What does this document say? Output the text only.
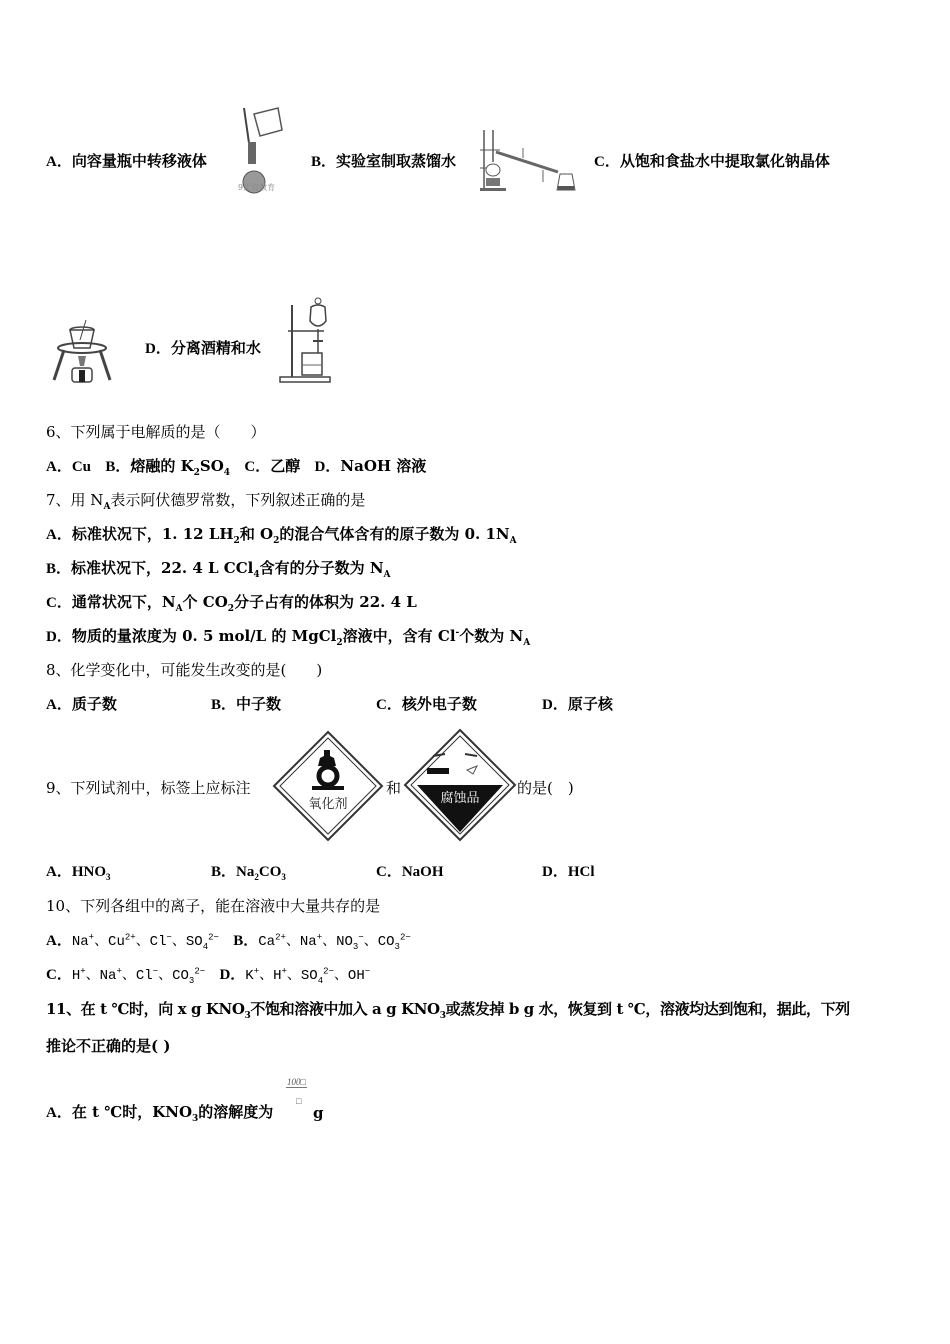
A．向容量瓶中转移液体
9化资教育
B．实验室制取蒸馏水	C．从饱和食盐水中提取氯化钠晶体
D．分离酒精和水
6、下列属于电解质的是（　　）
A．Cu B．熔融的 $K_2SO_4$ C．乙醇 D．NaOH 溶液
7、用 $N_A$表示阿伏德罗常数，下列叙述正确的是
A．标准状况下，1. 12 $LH_2$和 $O_2$的混合气体含有的原子数为 0. $1N_A$
B．标准状况下，22. 4 L CCl$_4$含有的分子数为 $N_A$
C．通常状况下，$N_A$个 $CO_2$分子占有的体积为 22. 4 L
D．物质的量浓度为 0. 5 mol/L 的 MgCl$_2$溶液中，含有 Cl-个数为 $N_A$
8、化学变化中，可能发生改变的是(　　)
A．质子数	B．中子数	C．核外电子数	D．原子核
9、下列试剂中，标签上应标注
氧化剂
和
腐蚀品
的是(　)
A．$HNO_3$	B．$Na_2CO_3$	C．NaOH	D．HCl
10、下列各组中的离子，能在溶液中大量共存的是
A．Na+、$Cu^{2+}$、Cl−、$SO_4^{2-}$ B．$Ca^{2+}$、Na+、$NO_3^-$、$CO_3^{2-}$
C．H+、Na+、Cl−、$CO_3^{2-}$ D．K+、H+、$SO_4^{2-}$、OH−
11、在 t ℃时，向 x g $KNO_3$不饱和溶液中加入 a g $KNO_3$或蒸发掉 b g 水，恢复到 t ℃，溶液均达到饱和，据此，下列
推论不正确的是( )
A．在 t ℃时，$KNO_3$的溶解度为
100□
□
g
